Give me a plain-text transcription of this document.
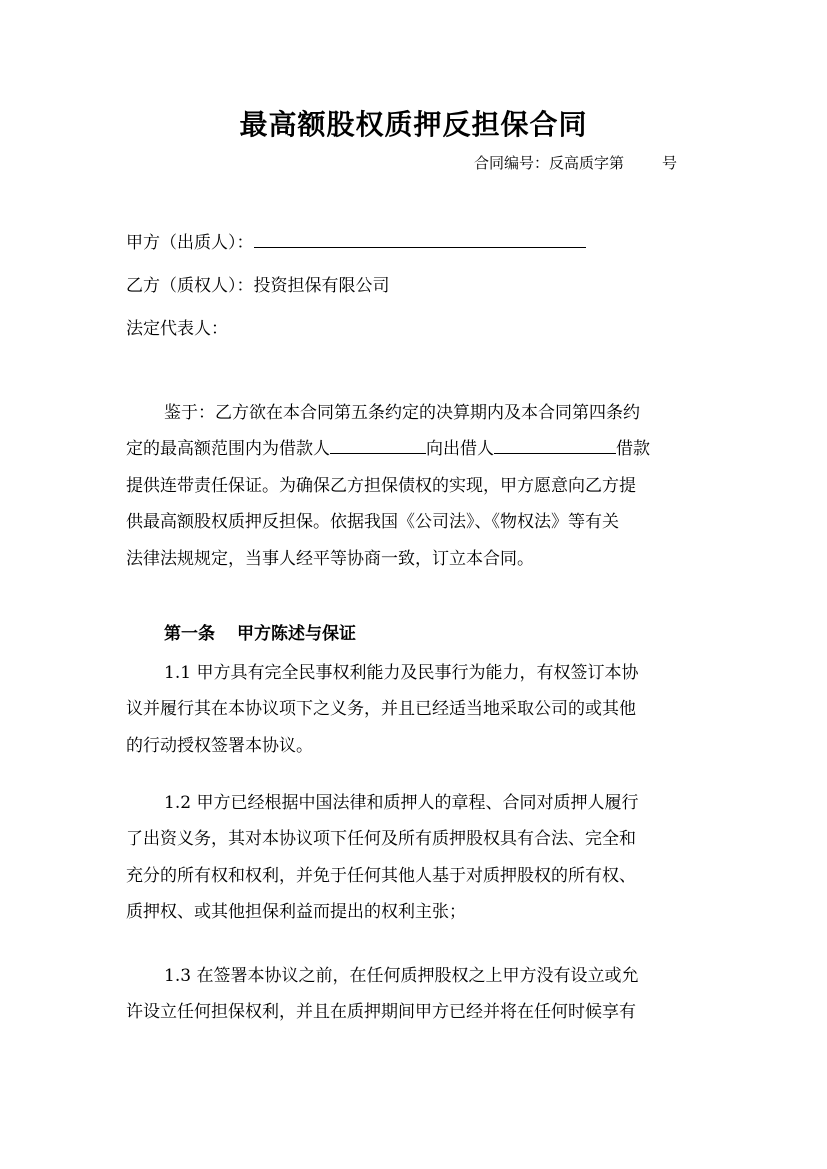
最高额股权质押反担保合同
合同编号：反高质字第	号
甲方（出质人）：
乙方（质权人）：投资担保有限公司
法定代表人：
鉴于：乙方欲在本合同第五条约定的决算期内及本合同第四条约
定的最高额范围内为借款人	向出借人	借款
提供连带责任保证。为确保乙方担保债权的实现，甲方愿意向乙方提
供最高额股权质押反担保。依据我国《公司法》、《物权法》等有关
法律法规规定，当事人经平等协商一致，订立本合同。
第一条 甲方陈述与保证
1.1 甲方具有完全民事权利能力及民事行为能力，有权签订本协
议并履行其在本协议项下之义务，并且已经适当地采取公司的或其他
的行动授权签署本协议。
1.2 甲方已经根据中国法律和质押人的章程、合同对质押人履行
了出资义务，其对本协议项下任何及所有质押股权具有合法、完全和
充分的所有权和权利，并免于任何其他人基于对质押股权的所有权、
质押权、或其他担保利益而提出的权利主张；
1.3 在签署本协议之前，在任何质押股权之上甲方没有设立或允
许设立任何担保权利，并且在质押期间甲方已经并将在任何时候享有
